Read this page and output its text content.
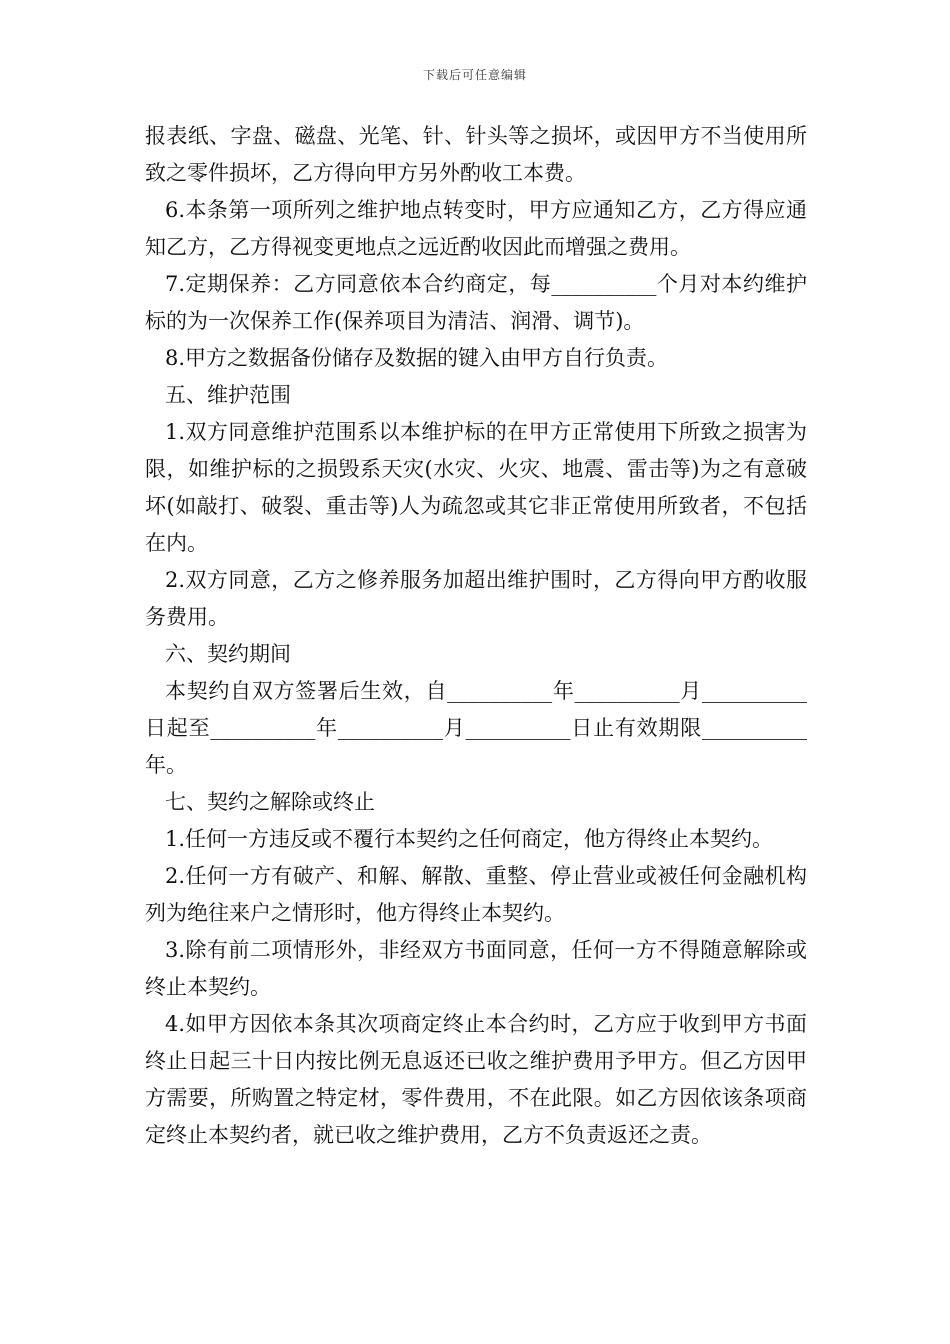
下载后可任意编辑

报表纸、字盘、磁盘、光笔、针、针头等之损坏，或因甲方不当使用所致之零件损坏，乙方得向甲方另外酌收工本费。

6.本条第一项所列之维护地点转变时，甲方应通知乙方，乙方得应通知乙方，乙方得视变更地点之远近酌收因此而增强之费用。

7.定期保养：乙方同意依本合约商定，每__________个月对本约维护标的为一次保养工作(保养项目为清洁、润滑、调节)。

8.甲方之数据备份储存及数据的键入由甲方自行负责。

五、维护范围

1.双方同意维护范围系以本维护标的在甲方正常使用下所致之损害为限，如维护标的之损毁系天灾(水灾、火灾、地震、雷击等)为之有意破坏(如敲打、破裂、重击等)人为疏忽或其它非正常使用所致者，不包括在内。

2.双方同意，乙方之修养服务加超出维护围时，乙方得向甲方酌收服务费用。

六、契约期间

本契约自双方签署后生效，自__________年__________月__________日起至__________年__________月__________日止有效期限__________年。

七、契约之解除或终止

1.任何一方违反或不覆行本契约之任何商定，他方得终止本契约。

2.任何一方有破产、和解、解散、重整、停止营业或被任何金融机构列为绝往来户之情形时，他方得终止本契约。

3.除有前二项情形外，非经双方书面同意，任何一方不得随意解除或终止本契约。

4.如甲方因依本条其次项商定终止本合约时，乙方应于收到甲方书面终止日起三十日内按比例无息返还已收之维护费用予甲方。但乙方因甲方需要，所购置之特定材，零件费用，不在此限。如乙方因依该条项商定终止本契约者，就已收之维护费用，乙方不负责返还之责。
